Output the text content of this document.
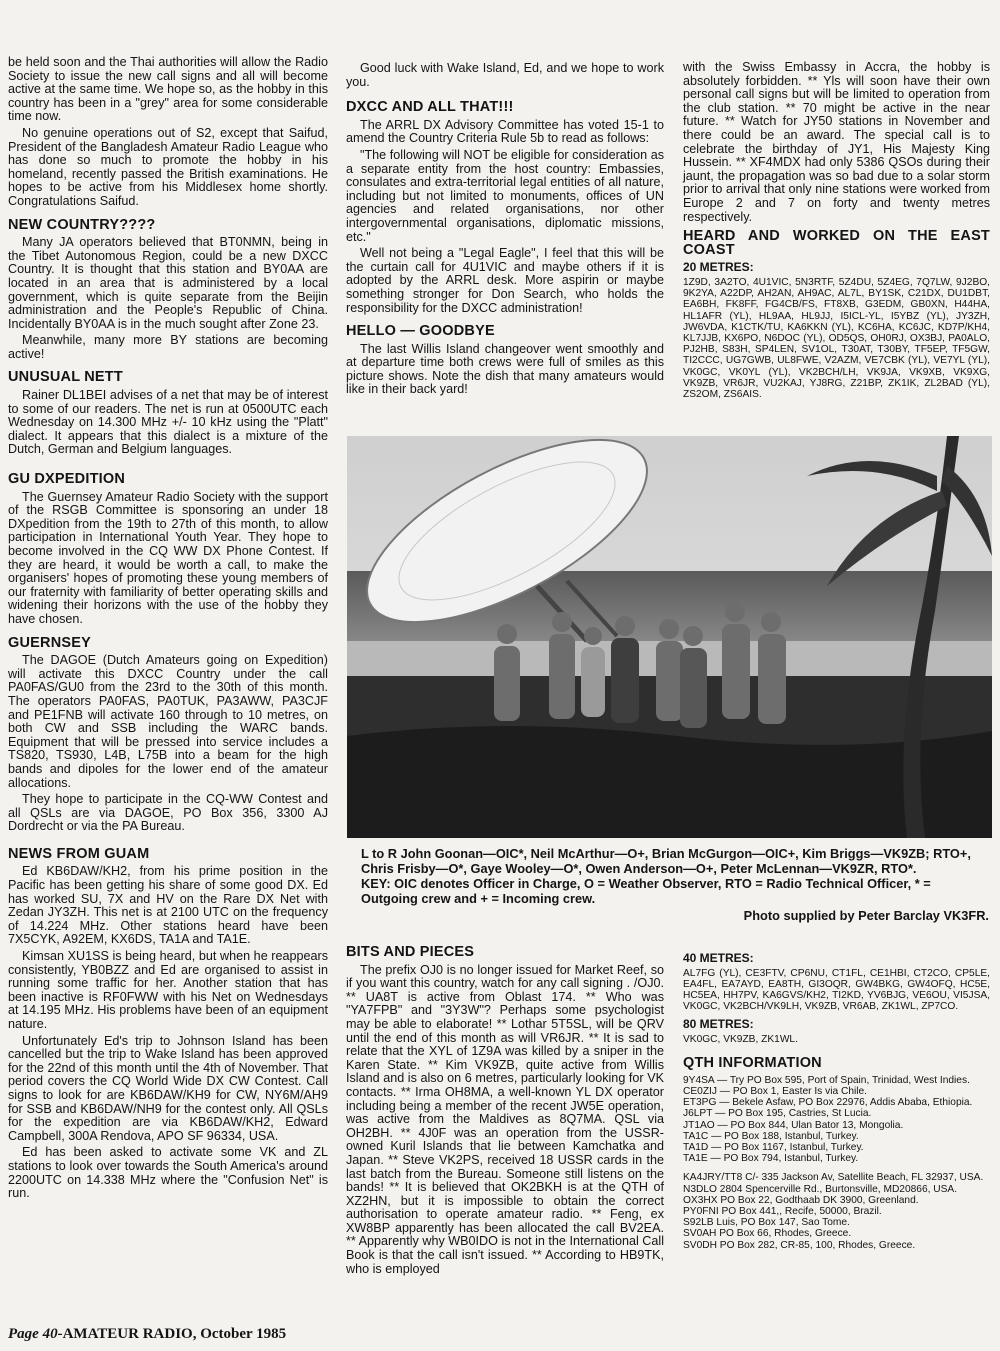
be held soon and the Thai authorities will allow the Radio Society to issue the new call signs and all will become active at the same time. We hope so, as the hobby in this country has been in a "grey" area for some considerable time now.

No genuine operations out of S2, except that Saifud, President of the Bangladesh Amateur Radio League who has done so much to promote the hobby in his homeland, recently passed the British examinations. He hopes to be active from his Middlesex home shortly. Congratulations Saifud.

NEW COUNTRY????

Many JA operators believed that BT0NMN, being in the Tibet Autonomous Region, could be a new DXCC Country. It is thought that this station and BY0AA are located in an area that is administered by a local government, which is quite separate from the Beijin administration and the People's Republic of China. Incidentally BY0AA is in the much sought after Zone 23.

Meanwhile, many more BY stations are becoming active!

UNUSUAL NETT

Rainer DL1BEI advises of a net that may be of interest to some of our readers. The net is run at 0500UTC each Wednesday on 14.300 MHz +/- 10 kHz using the "Platt" dialect. It appears that this dialect is a mixture of the Dutch, German and Belgium languages.

GU DXPEDITION

The Guernsey Amateur Radio Society with the support of the RSGB Committee is sponsoring an under 18 DXpedition from the 19th to 27th of this month, to allow participation in International Youth Year. They hope to become involved in the CQ WW DX Phone Contest. If they are heard, it would be worth a call, to make the organisers' hopes of promoting these young members of our fraternity with familiarity of better operating skills and widening their horizons with the use of the hobby they have chosen.

GUERNSEY

The DAGOE (Dutch Amateurs going on Expedition) will activate this DXCC Country under the call PA0FAS/GU0 from the 23rd to the 30th of this month. The operators PA0FAS, PA0TUK, PA3AWW, PA3CJF and PE1FNB will activate 160 through to 10 metres, on both CW and SSB including the WARC bands. Equipment that will be pressed into service includes a TS820, TS930, L4B, L75B into a beam for the high bands and dipoles for the lower end of the amateur allocations.

They hope to participate in the CQ-WW Contest and all QSLs are via DAGOE, PO Box 356, 3300 AJ Dordrecht or via the PA Bureau.

NEWS FROM GUAM

Ed KB6DAW/KH2, from his prime position in the Pacific has been getting his share of some good DX. Ed has worked SU, 7X and HV on the Rare DX Net with Zedan JY3ZH. This net is at 2100 UTC on the frequency of 14.224 MHz. Other stations heard have been 7X5CYK, A92EM, KX6DS, TA1A and TA1E.

Kimsan XU1SS is being heard, but when he reappears consistently, YB0BZZ and Ed are organised to assist in running some traffic for her. Another station that has been inactive is RF0FWW with his Net on Wednesdays at 14.195 MHz. His problems have been of an equipment nature.

Unfortunately Ed's trip to Johnson Island has been cancelled but the trip to Wake Island has been approved for the 22nd of this month until the 4th of November. That period covers the CQ World Wide DX CW Contest. Call signs to look for are KB6DAW/KH9 for CW, NY6M/AH9 for SSB and KB6DAW/NH9 for the contest only. All QSLs for the expedition are via KB6DAW/KH2, Edward Campbell, 300A Rendova, APO SF 96334, USA.

Ed has been asked to activate some VK and ZL stations to look over towards the South America's around 2200UTC on 14.338 MHz where the "Confusion Net" is run.

Good luck with Wake Island, Ed, and we hope to work you.

DXCC AND ALL THAT!!!

The ARRL DX Advisory Committee has voted 15-1 to amend the Country Criteria Rule 5b to read as follows:

"The following will NOT be eligible for consideration as a separate entity from the host country: Embassies, consulates and extra-territorial legal entities of all nature, including but not limited to monuments, offices of UN agencies and related organisations, nor other intergovernmental organisations, diplomatic missions, etc."

Well not being a "Legal Eagle", I feel that this will be the curtain call for 4U1VIC and maybe others if it is adopted by the ARRL desk. More aspirin or maybe something stronger for Don Search, who holds the responsibility for the DXCC administration!

HELLO — GOODBYE

The last Willis Island changeover went smoothly and at departure time both crews were full of smiles as this picture shows. Note the dish that many amateurs would like in their back yard!

with the Swiss Embassy in Accra, the hobby is absolutely forbidden. ** Yls will soon have their own personal call signs but will be limited to operation from the club station. ** 70 might be active in the near future. ** Watch for JY50 stations in November and there could be an award. The special call is to celebrate the birthday of JY1, His Majesty King Hussein. ** XF4MDX had only 5386 QSOs during their jaunt, the propagation was so bad due to a solar storm prior to arrival that only nine stations were worked from Europe 2 and 7 on forty and twenty metres respectively.

HEARD AND WORKED ON THE EAST COAST
20 METRES:
1Z9D, 3A2TO, 4U1VIC, 5N3RTF, 5Z4DU, 5Z4EG, 7Q7LW, 9J2BO, 9K2YA, A22DP, AH2AN, AH9AC, AL7L, BY1SK, C21DX, DU1DBT, EA6BH, FK8FF, FG4CB/FS, FT8XB, G3EDM, GB0XN, H44HA, HL1AFR (YL), HL9AA, HL9JJ, I5ICL-YL, I5YBZ (YL), JY3ZH, JW6VDA, K1CTK/TU, KA6KKN (YL), KC6HA, KC6JC, KD7P/KH4, KL7JJB, KX6PO, N6DOC (YL), OD5QS, OH0RJ, OX3BJ, PA0ALO, PJ2HB, S83H, SP4LEN, SV1OL, T30AT, T30BY, TF5EP, TF5GW, TI2CCC, UG7GWB, UL8FWE, V2AZM, VE7CBK (YL), VE7YL (YL), VK0GC, VK0YL (YL), VK2BCH/LH, VK9JA, VK9XB, VK9XG, VK9ZB, VR6JR, VU2KAJ, YJ8RG, Z21BP, ZK1IK, ZL2BAD (YL), ZS2OM, ZS6AIS.
L to R John Goonan—OIC*, Neil McArthur—O+, Brian McGurgon—OIC+, Kim Briggs—VK9ZB; RTO+, Chris Frisby—O*, Gaye Wooley—O*, Owen Anderson—O+, Peter McLennan—VK9ZR, RTO*.
KEY: OIC denotes Officer in Charge, O = Weather Observer, RTO = Radio Technical Officer, * = Outgoing crew and + = Incoming crew.
Photo supplied by Peter Barclay VK3FR.
BITS AND PIECES

The prefix OJ0 is no longer issued for Market Reef, so if you want this country, watch for any call signing . /OJ0. ** UA8T is active from Oblast 174. ** Who was "YA7FPB" and "3Y3W"? Perhaps some psychologist may be able to elaborate! ** Lothar 5T5SL, will be QRV until the end of this month as will VR6JR. ** It is sad to relate that the XYL of 1Z9A was killed by a sniper in the Karen State. ** Kim VK9ZB, quite active from Willis Island and is also on 6 metres, particularly looking for VK contacts. ** Irma OH8MA, a well-known YL DX operator including being a member of the recent JW5E operation, was active from the Maldives as 8Q7MA. QSL via OH2BH. ** 4J0F was an operation from the USSR-owned Kuril Islands that lie between Kamchatka and Japan. ** Steve VK2PS, received 18 USSR cards in the last batch from the Bureau. Someone still listens on the bands! ** It is believed that OK2BKH is at the QTH of XZ2HN, but it is impossible to obtain the correct authorisation to operate amateur radio. ** Feng, ex XW8BP apparently has been allocated the call BV2EA. ** Apparently why WB0IDO is not in the International Call Book is that the call isn't issued. ** According to HB9TK, who is employed

40 METRES:
AL7FG (YL), CE3FTV, CP6NU, CT1FL, CE1HBI, CT2CO, CP5LE, EA4FL, EA7AYD, EA8TH, GI3OQR, GW4BKG, GW4OFQ, HC5E, HC5EA, HH7PV, KA6GVS/KH2, TI2KD, YV6BJG, VE6OU, VI5JSA, VK0GC, VK2BCH/VK9LH, VK9ZB, VR6AB, ZK1WL, ZP7CO.
80 METRES:
VK0GC, VK9ZB, ZK1WL.
QTH INFORMATION
9Y4SA — Try PO Box 595, Port of Spain, Trinidad, West Indies.
CE0ZIJ — PO Box 1, Easter Is via Chile.
ET3PG — Bekele Asfaw, PO Box 22976, Addis Ababa, Ethiopia.
J6LPT — PO Box 195, Castries, St Lucia.
JT1AO — PO Box 844, Ulan Bator 13, Mongolia.
TA1C — PO Box 188, Istanbul, Turkey.
TA1D — PO Box 1167, Istanbul, Turkey.
TA1E — PO Box 794, Istanbul, Turkey.
KA4JRY/TT8 C/- 335 Jackson Av, Satellite Beach, FL 32937, USA.
N3DLO 2804 Spencerville Rd., Burtonsville, MD20866, USA.
OX3HX PO Box 22, Godthaab DK 3900, Greenland.
PY0FNI PO Box 441,, Recife, 50000, Brazil.
S92LB Luis, PO Box 147, Sao Tome.
SV0AH PO Box 66, Rhodes, Greece.
SV0DH PO Box 282, CR-85, 100, Rhodes, Greece.
Page 40-AMATEUR RADIO, October 1985
